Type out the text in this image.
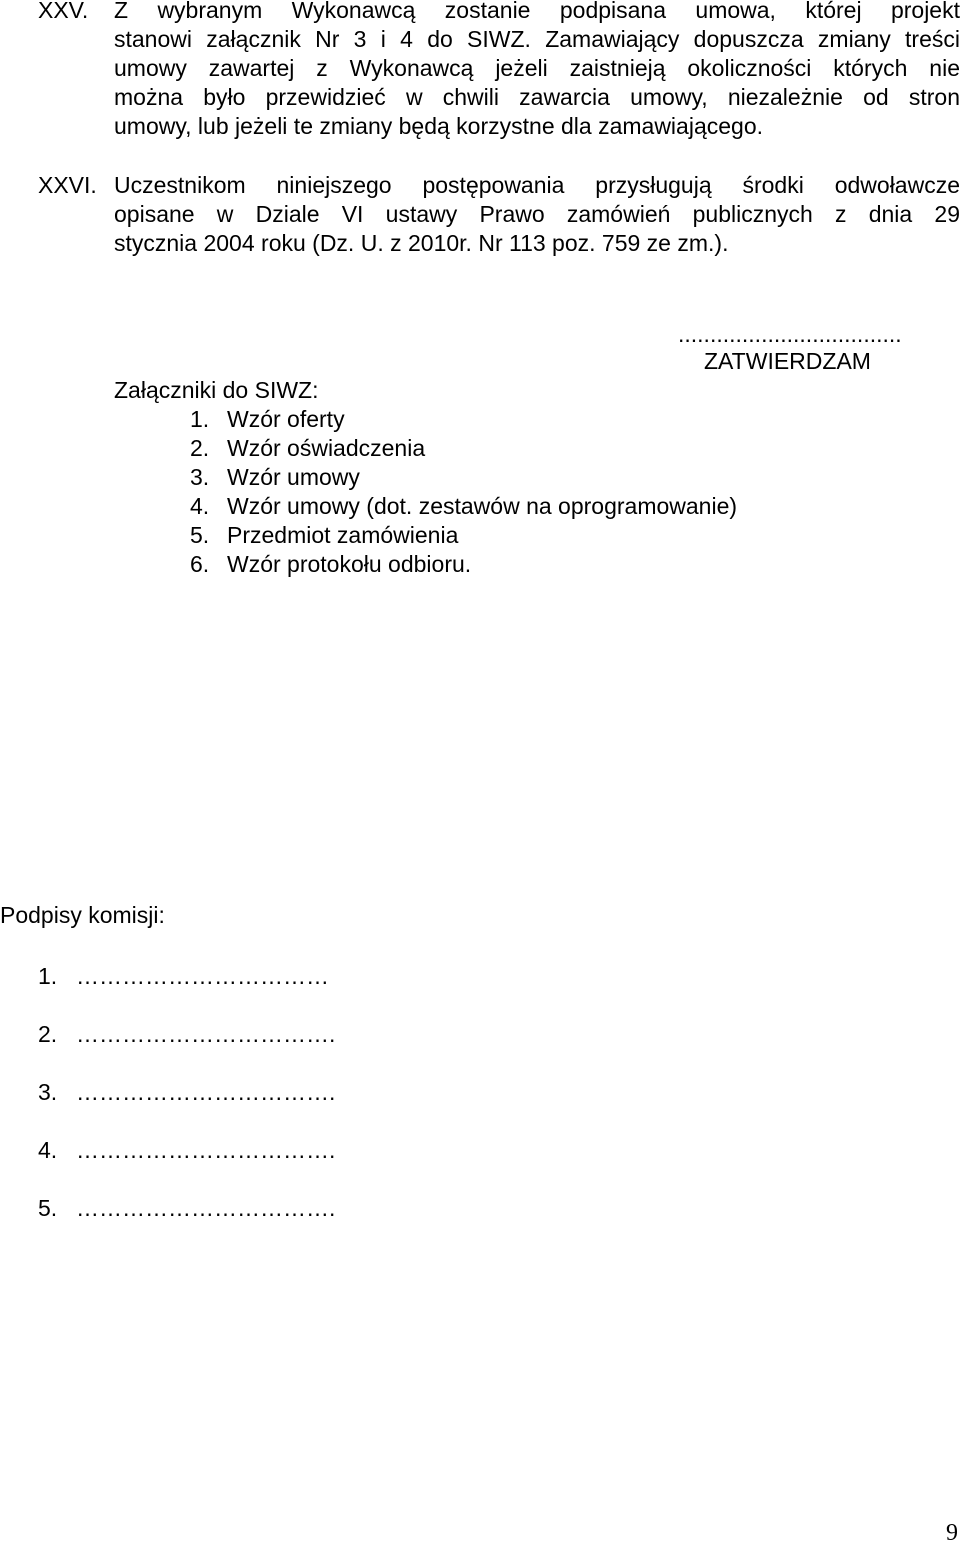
XXV. Z wybranym Wykonawcą zostanie podpisana umowa, której projekt
stanowi załącznik Nr 3 i 4 do SIWZ. Zamawiający dopuszcza zmiany treści
umowy zawartej z Wykonawcą jeżeli zaistnieją okoliczności których nie
można było przewidzieć w chwili zawarcia umowy, niezależnie od stron
umowy, lub jeżeli te zmiany będą korzystne dla zamawiającego.
XXVI. Uczestnikom niniejszego postępowania przysługują środki odwoławcze
opisane w Dziale VI ustawy Prawo zamówień publicznych z dnia 29
stycznia 2004 roku (Dz. U. z 2010r. Nr 113 poz. 759 ze zm.).
...................................
ZATWIERDZAM
Załączniki do SIWZ:
1. Wzór oferty
2. Wzór oświadczenia
3. Wzór umowy
4. Wzór umowy (dot. zestawów na oprogramowanie)
5. Przedmiot zamówienia
6. Wzór protokołu odbioru.
Podpisy komisji:
1. ……………………………
2. …………………………….
3. …………………………….
4. …………………………….
5. …………………………….
9
